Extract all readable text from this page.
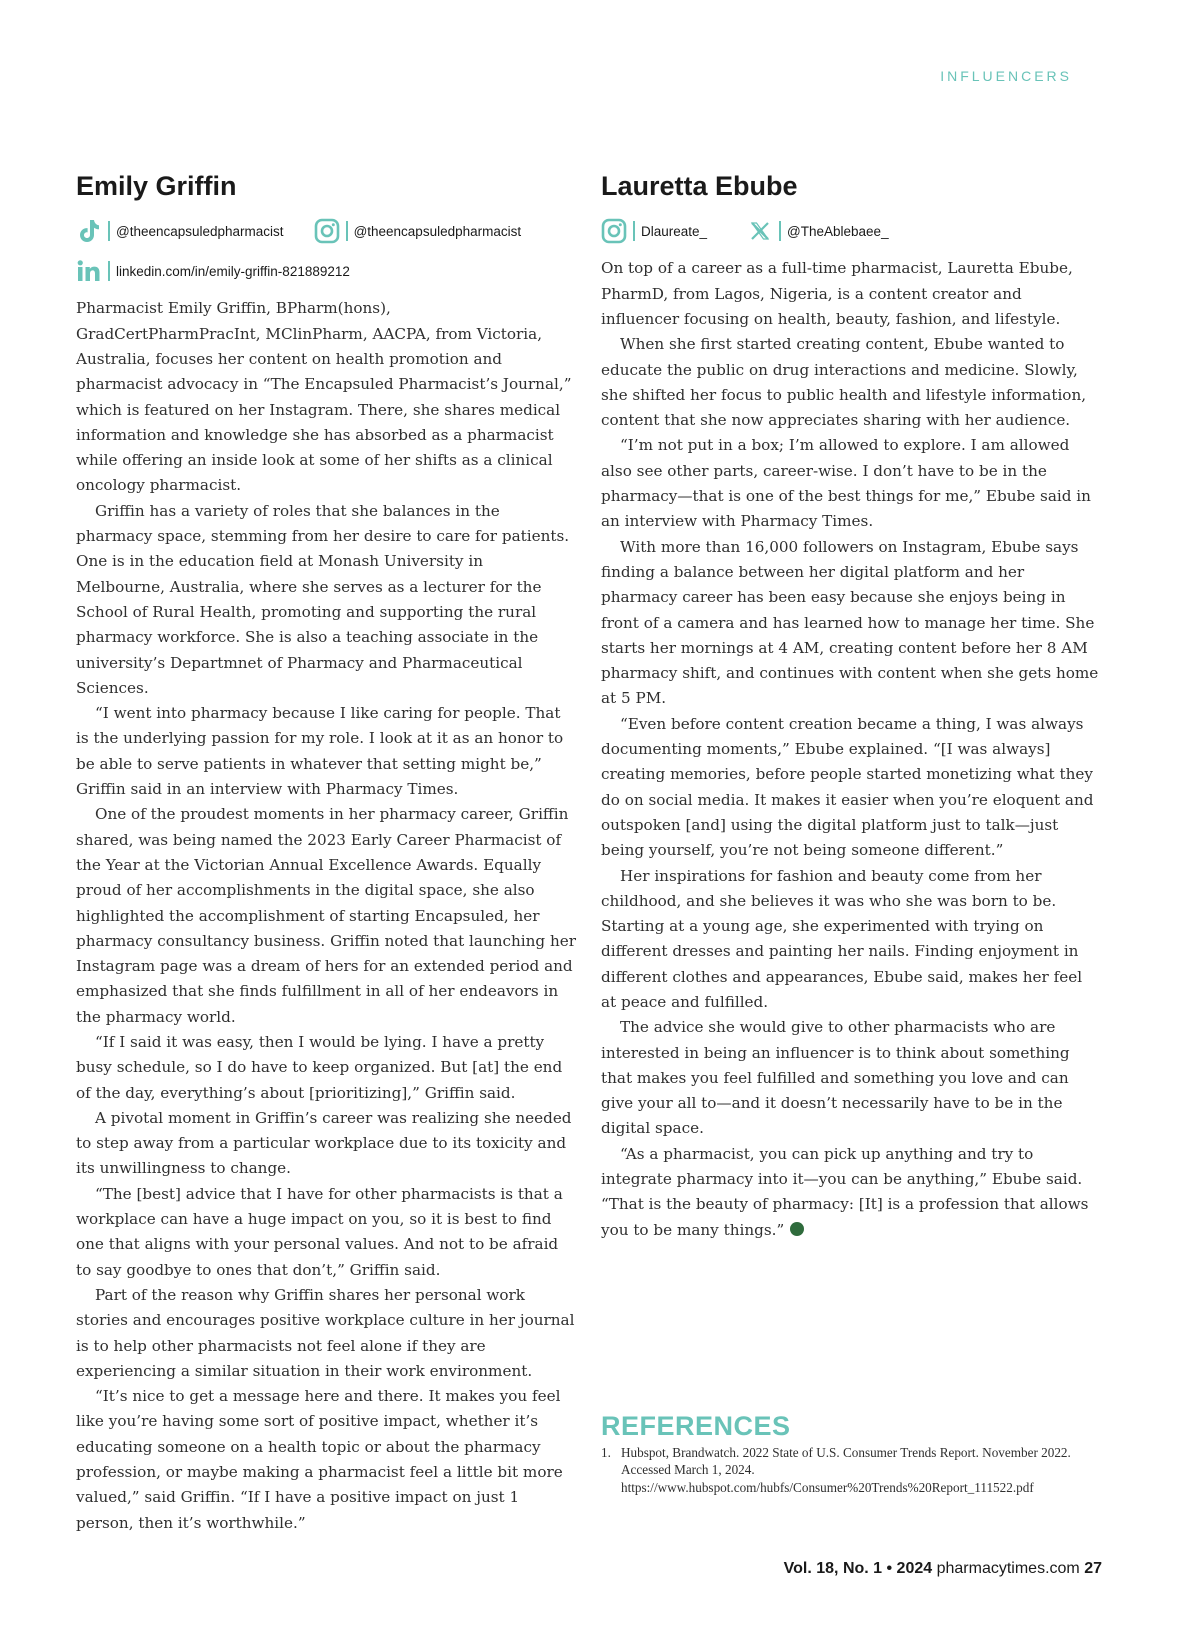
INFLUENCERS
Emily Griffin
@theencapsuledpharmacist	@theencapsuledpharmacist
linkedin.com/in/emily-griffin-821889212

Pharmacist Emily Griffin, BPharm(hons), GradCertPharmPracInt, MClinPharm, AACPA, from Victoria, Australia, focuses her content on health promotion and pharmacist advocacy in “The Encapsuled Pharmacist’s Journal,” which is featured on her Instagram. There, she shares medical information and knowledge she has absorbed as a pharmacist while offering an inside look at some of her shifts as a clinical oncology pharmacist.

Griffin has a variety of roles that she balances in the pharmacy space, stemming from her desire to care for patients. One is in the education field at Monash University in Melbourne, Australia, where she serves as a lecturer for the School of Rural Health, promoting and supporting the rural pharmacy workforce. She is also a teaching associate in the university’s Departmnet of Pharmacy and Pharmaceutical Sciences.

“I went into pharmacy because I like caring for people. That is the underlying passion for my role. I look at it as an honor to be able to serve patients in whatever that setting might be,” Griffin said in an interview with Pharmacy Times.

One of the proudest moments in her pharmacy career, Griffin shared, was being named the 2023 Early Career Pharmacist of the Year at the Victorian Annual Excellence Awards. Equally proud of her accomplishments in the digital space, she also highlighted the accomplishment of starting Encapsuled, her pharmacy consultancy business. Griffin noted that launching her Instagram page was a dream of hers for an extended period and emphasized that she finds fulfillment in all of her endeavors in the pharmacy world.

“If I said it was easy, then I would be lying. I have a pretty busy schedule, so I do have to keep organized. But [at] the end of the day, everything’s about [prioritizing],” Griffin said.

A pivotal moment in Griffin’s career was realizing she needed to step away from a particular workplace due to its toxicity and its unwillingness to change.

“The [best] advice that I have for other pharmacists is that a workplace can have a huge impact on you, so it is best to find one that aligns with your personal values. And not to be afraid to say goodbye to ones that don’t,” Griffin said.

Part of the reason why Griffin shares her personal work stories and encourages positive workplace culture in her journal is to help other pharmacists not feel alone if they are experiencing a similar situation in their work environment.

“It’s nice to get a message here and there. It makes you feel like you’re having some sort of positive impact, whether it’s educating someone on a health topic or about the pharmacy profession, or maybe making a pharmacist feel a little bit more valued,” said Griffin. “If I have a positive impact on just 1 person, then it’s worthwhile.”

Lauretta Ebube
Dlaureate_	@TheAblebaee_

On top of a career as a full-time pharmacist, Lauretta Ebube, PharmD, from Lagos, Nigeria, is a content creator and influencer focusing on health, beauty, fashion, and lifestyle.

When she first started creating content, Ebube wanted to educate the public on drug interactions and medicine. Slowly, she shifted her focus to public health and lifestyle information, content that she now appreciates sharing with her audience.

“I’m not put in a box; I’m allowed to explore. I am allowed also see other parts, career-wise. I don’t have to be in the pharmacy—that is one of the best things for me,” Ebube said in an interview with Pharmacy Times.

With more than 16,000 followers on Instagram, Ebube says finding a balance between her digital platform and her pharmacy career has been easy because she enjoys being in front of a camera and has learned how to manage her time. She starts her mornings at 4 AM, creating content before her 8 AM pharmacy shift, and continues with content when she gets home at 5 PM.

“Even before content creation became a thing, I was always documenting moments,” Ebube explained. “[I was always] creating memories, before people started monetizing what they do on social media. It makes it easier when you’re eloquent and outspoken [and] using the digital platform just to talk—just being yourself, you’re not being someone different.”

Her inspirations for fashion and beauty come from her childhood, and she believes it was who she was born to be. Starting at a young age, she experimented with trying on different dresses and painting her nails. Finding enjoyment in different clothes and appearances, Ebube said, makes her feel at peace and fulfilled.

The advice she would give to other pharmacists who are interested in being an influencer is to think about something that makes you feel fulfilled and something you love and can give your all to—and it doesn’t necessarily have to be in the digital space.

“As a pharmacist, you can pick up anything and try to integrate pharmacy into it—you can be anything,” Ebube said. “That is the beauty of pharmacy: [It] is a profession that allows you to be many things.”

REFERENCES
1. Hubspot, Brandwatch. 2022 State of U.S. Consumer Trends Report. November 2022. Accessed March 1, 2024. https://www.hubspot.com/hubfs/Consumer%20Trends%20Report_111522.pdf
Vol. 18, No. 1 • 2024 pharmacytimes.com 27
